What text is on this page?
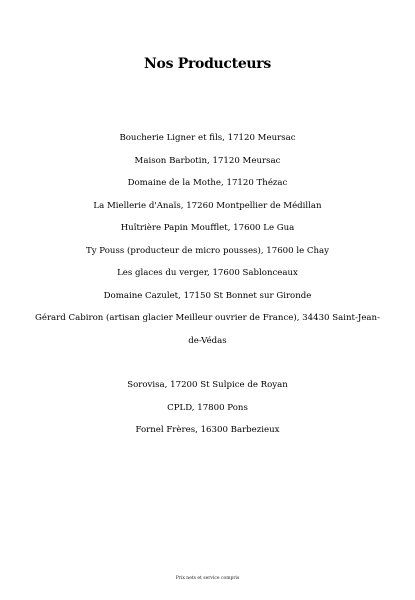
Nos Producteurs
Boucherie Ligner et fils, 17120 Meursac
Maison Barbotin, 17120 Meursac
Domaine de la Mothe, 17120 Thézac
La Miellerie d'Anaïs, 17260 Montpellier de Médillan
Huîtrière Papin Moufflet, 17600 Le Gua
Ty Pouss (producteur de micro pousses), 17600 le Chay
Les glaces du verger, 17600 Sablonceaux
Domaine Cazulet, 17150 St Bonnet sur Gironde
Gérard Cabiron (artisan glacier Meilleur ouvrier de France), 34430 Saint-Jean-de-Védas
Sorovisa, 17200 St Sulpice de Royan
CPLD, 17800 Pons
Fornel Frères, 16300 Barbezieux
Prix nets et service compris
